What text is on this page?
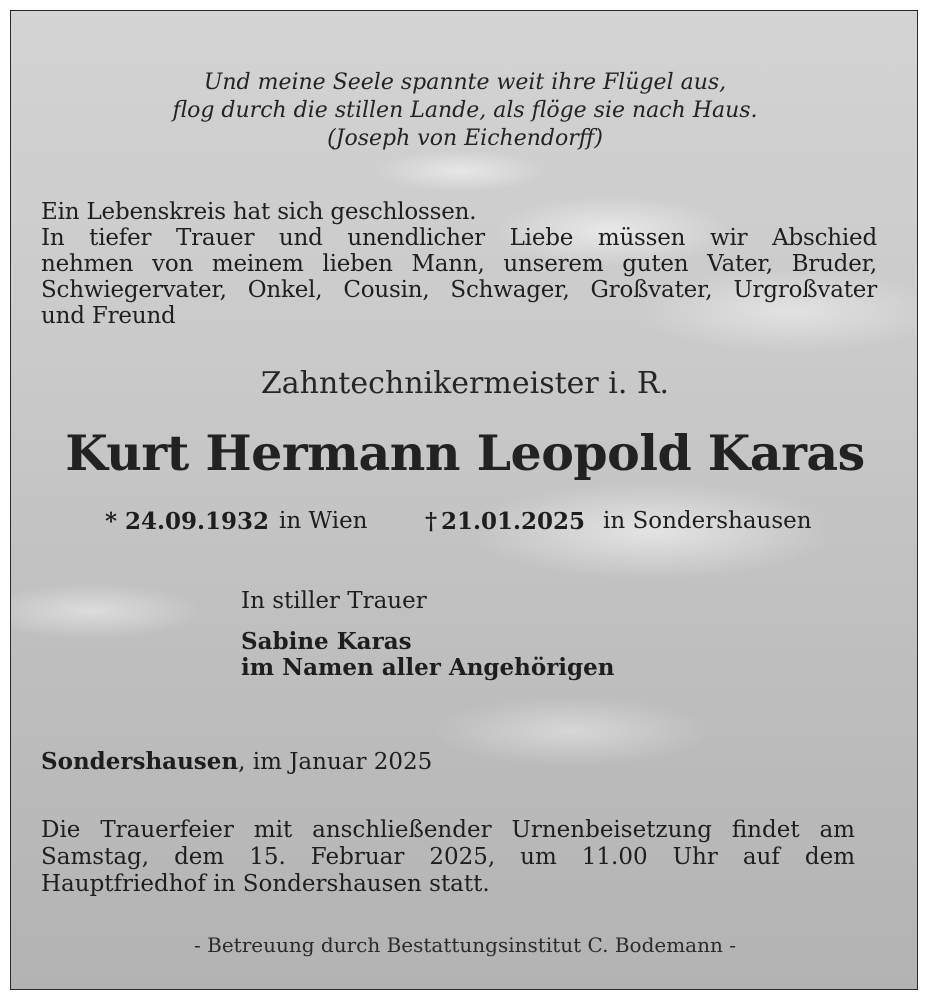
Und meine Seele spannte weit ihre Flügel aus,
flog durch die stillen Lande, als flöge sie nach Haus.
(Joseph von Eichendorff)
Ein Lebenskreis hat sich geschlossen.
In tiefer Trauer und unendlicher Liebe müssen wir Abschied
nehmen von meinem lieben Mann, unserem guten Vater, Bruder,
Schwiegervater, Onkel, Cousin, Schwager, Großvater, Urgroßvater
und Freund
Zahntechnikermeister i. R.
Kurt Hermann Leopold Karas
* 24.09.1932 in Wien	† 21.01.2025 in Sondershausen
In stiller Trauer
Sabine Karas
im Namen aller Angehörigen
Sondershausen, im Januar 2025
Die Trauerfeier mit anschließender Urnenbeisetzung findet am
Samstag, dem 15. Februar 2025, um 11.00 Uhr auf dem
Hauptfriedhof in Sondershausen statt.
- Betreuung durch Bestattungsinstitut C. Bodemann -
